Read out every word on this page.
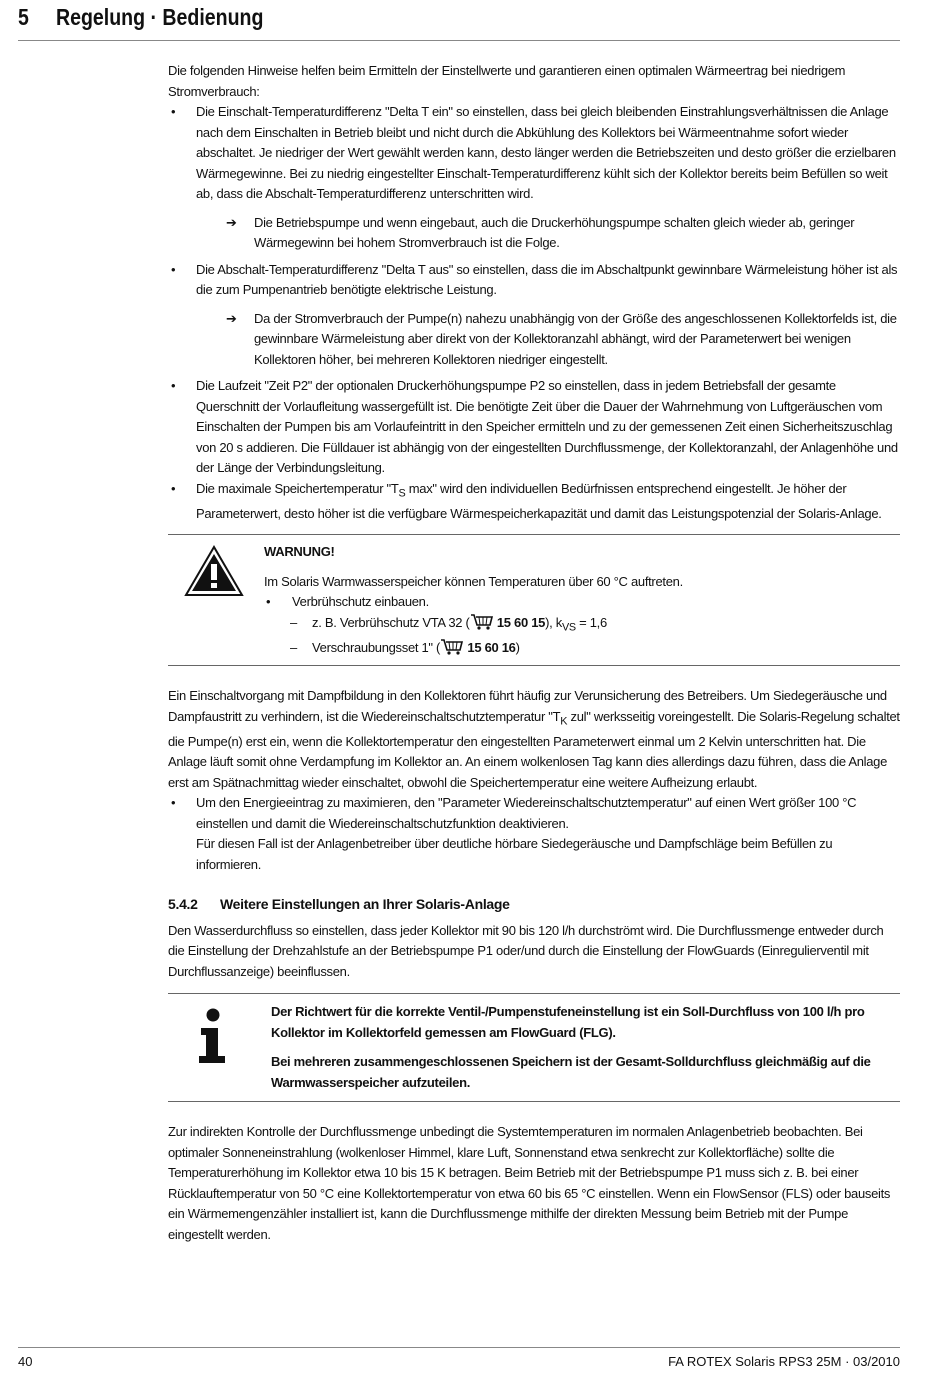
5 Regelung · Bedienung

Die folgenden Hinweise helfen beim Ermitteln der Einstellwerte und garantieren einen optimalen Wärmeertrag bei niedrigem Stromverbrauch:

• Die Einschalt-Temperaturdifferenz "Delta T ein" so einstellen, dass bei gleich bleibenden Einstrahlungsverhältnissen die Anlage nach dem Einschalten in Betrieb bleibt und nicht durch die Abkühlung des Kollektors bei Wärmeentnahme sofort wieder abschaltet. Je niedriger der Wert gewählt werden kann, desto länger werden die Betriebszeiten und desto größer die erzielbaren Wärmegewinne. Bei zu niedrig eingestellter Einschalt-Temperaturdifferenz kühlt sich der Kollektor bereits beim Befüllen so weit ab, dass die Abschalt-Temperaturdifferenz unterschritten wird.
➔ Die Betriebspumpe und wenn eingebaut, auch die Druckerhöhungspumpe schalten gleich wieder ab, geringer Wärmegewinn bei hohem Stromverbrauch ist die Folge.
• Die Abschalt-Temperaturdifferenz "Delta T aus" so einstellen, dass die im Abschaltpunkt gewinnbare Wärmeleistung höher ist als die zum Pumpenantrieb benötigte elektrische Leistung.
➔ Da der Stromverbrauch der Pumpe(n) nahezu unabhängig von der Größe des angeschlossenen Kollektorfelds ist, die gewinnbare Wärmeleistung aber direkt von der Kollektoranzahl abhängt, wird der Parameterwert bei wenigen Kollektoren höher, bei mehreren Kollektoren niedriger eingestellt.
• Die Laufzeit "Zeit P2" der optionalen Druckerhöhungspumpe P2 so einstellen, dass in jedem Betriebsfall der gesamte Querschnitt der Vorlaufleitung wassergefüllt ist. Die benötigte Zeit über die Dauer der Wahrnehmung von Luftgeräuschen vom Einschalten der Pumpen bis am Vorlaufeintritt in den Speicher ermitteln und zu der gemessenen Zeit einen Sicherheitszuschlag von 20 s addieren. Die Fülldauer ist abhängig von der eingestellten Durchflussmenge, der Kollektoranzahl, der Anlagenhöhe und der Länge der Verbindungsleitung.
• Die maximale Speichertemperatur "$T_S$ max" wird den individuellen Bedürfnissen entsprechend eingestellt. Je höher der Parameterwert, desto höher ist die verfügbare Wärmespeicherkapazität und damit das Leistungspotenzial der Solaris-Anlage.

WARNUNG!

Im Solaris Warmwasserspeicher können Temperaturen über 60 °C auftreten.

• Verbrühschutz einbauen.
– z. B. Verbrühschutz VTA 32 ( 15 60 15), $k_{VS} = 1,6$
– Verschraubungsset 1" ( 15 60 16)

Ein Einschaltvorgang mit Dampfbildung in den Kollektoren führt häufig zur Verunsicherung des Betreibers. Um Siedegeräusche und Dampfaustritt zu verhindern, ist die Wiedereinschaltschutztemperatur "$T_K$ zul" werksseitig voreingestellt. Die Solaris-Regelung schaltet die Pumpe(n) erst ein, wenn die Kollektortemperatur den eingestellten Parameterwert einmal um 2 Kelvin unterschritten hat. Die Anlage läuft somit ohne Verdampfung im Kollektor an. An einem wolkenlosen Tag kann dies allerdings dazu führen, dass die Anlage erst am Spätnachmittag wieder einschaltet, obwohl die Speichertemperatur eine weitere Aufheizung erlaubt.

• Um den Energieeintrag zu maximieren, den "Parameter Wiedereinschaltschutztemperatur" auf einen Wert größer 100 °C einstellen und damit die Wiedereinschaltschutzfunktion deaktivieren.
Für diesen Fall ist der Anlagenbetreiber über deutliche hörbare Siedegeräusche und Dampfschläge beim Befüllen zu informieren.

5.4.2 Weitere Einstellungen an Ihrer Solaris-Anlage

Den Wasserdurchfluss so einstellen, dass jeder Kollektor mit 90 bis 120 l/h durchströmt wird. Die Durchflussmenge entweder durch die Einstellung der Drehzahlstufe an der Betriebspumpe P1 oder/und durch die Einstellung der FlowGuards (Einregulierventil mit Durchflussanzeige) beeinflussen.

Der Richtwert für die korrekte Ventil-/Pumpenstufeneinstellung ist ein Soll-Durchfluss von 100 l/h pro Kollektor im Kollektorfeld gemessen am FlowGuard (FLG).

Bei mehreren zusammengeschlossenen Speichern ist der Gesamt-Solldurchfluss gleichmäßig auf die Warmwasserspeicher aufzuteilen.

Zur indirekten Kontrolle der Durchflussmenge unbedingt die Systemtemperaturen im normalen Anlagenbetrieb beobachten. Bei optimaler Sonneneinstrahlung (wolkenloser Himmel, klare Luft, Sonnenstand etwa senkrecht zur Kollektorfläche) sollte die Temperaturerhöhung im Kollektor etwa 10 bis 15 K betragen. Beim Betrieb mit der Betriebspumpe P1 muss sich z. B. bei einer Rücklauftemperatur von 50 °C eine Kollektortemperatur von etwa 60 bis 65 °C einstellen. Wenn ein FlowSensor (FLS) oder bauseits ein Wärmemengenzähler installiert ist, kann die Durchflussmenge mithilfe der direkten Messung beim Betrieb mit der Pumpe eingestellt werden.

40	FA ROTEX Solaris RPS3 25M · 03/2010
